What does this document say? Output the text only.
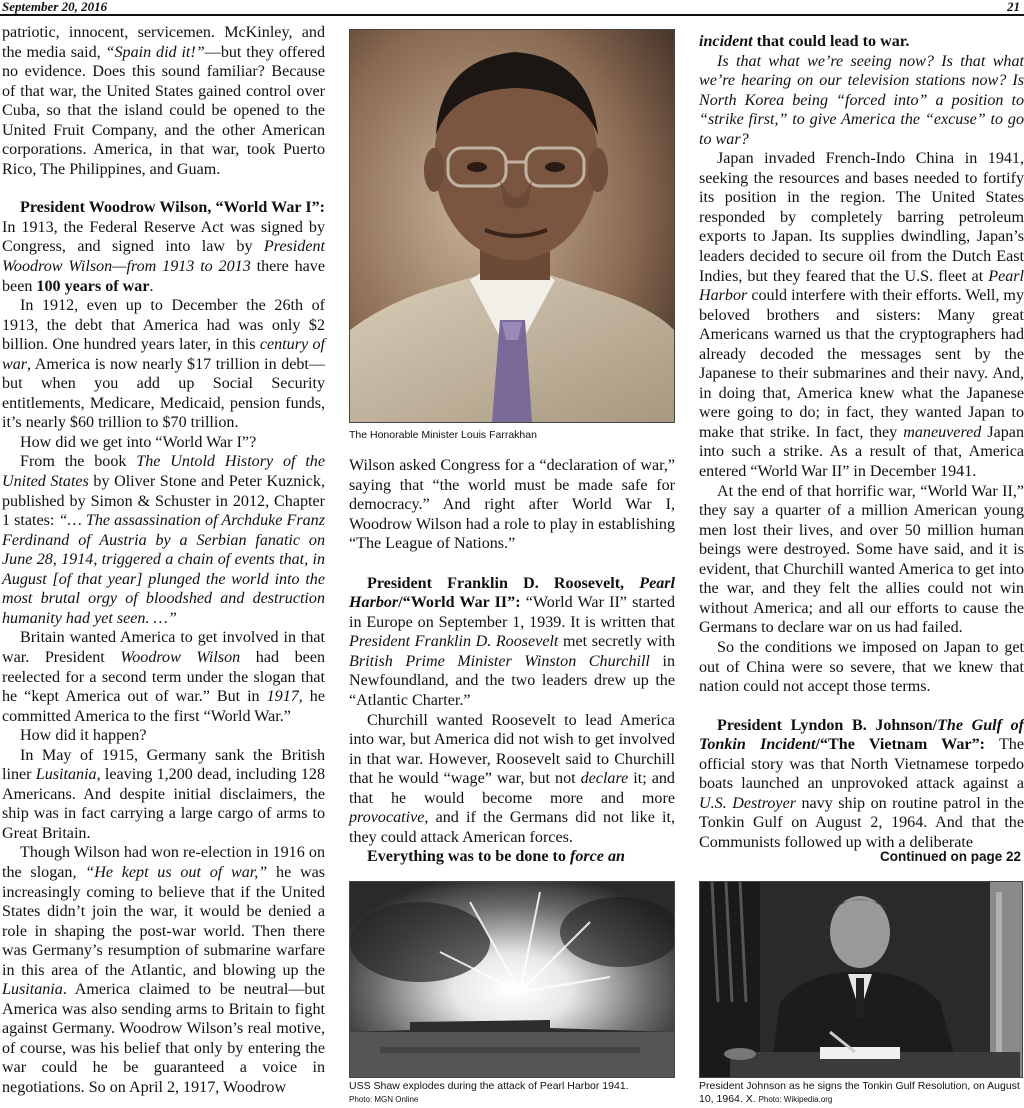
September 20, 2016	21

patriotic, innocent, servicemen. McKinley, and the media said, “Spain did it!”—but they offered no evidence. Does this sound familiar? Because of that war, the United States gained control over Cuba, so that the island could be opened to the United Fruit Company, and the other American corporations. America, in that war, took Puerto Rico, The Philippines, and Guam.

President Woodrow Wilson, “World War I”: In 1913, the Federal Reserve Act was signed by Congress, and signed into law by President Woodrow Wilson—from 1913 to 2013 there have been 100 years of war.

In 1912, even up to December the 26th of 1913, the debt that America had was only $2 billion. One hundred years later, in this century of war, America is now nearly $17 trillion in debt—but when you add up Social Security entitlements, Medicare, Medicaid, pension funds, it’s nearly $60 trillion to $70 trillion.

How did we get into “World War I”?

From the book The Untold History of the United States by Oliver Stone and Peter Kuznick, published by Simon & Schuster in 2012, Chapter 1 states: “… The assassination of Archduke Franz Ferdinand of Austria by a Serbian fanatic on June 28, 1914, triggered a chain of events that, in August [of that year] plunged the world into the most brutal orgy of bloodshed and destruction humanity had yet seen. …”

Britain wanted America to get involved in that war. President Woodrow Wilson had been reelected for a second term under the slogan that he “kept America out of war.” But in 1917, he committed America to the first “World War.”

How did it happen?

In May of 1915, Germany sank the British liner Lusitania, leaving 1,200 dead, including 128 Americans. And despite initial disclaimers, the ship was in fact carrying a large cargo of arms to Great Britain.

Though Wilson had won re-election in 1916 on the slogan, “He kept us out of war,” he was increasingly coming to believe that if the United States didn’t join the war, it would be denied a role in shaping the post-war world. Then there was Germany’s resumption of submarine warfare in this area of the Atlantic, and blowing up the Lusitania. America claimed to be neutral—but America was also sending arms to Britain to fight against Germany. Woodrow Wilson’s real motive, of course, was his belief that only by entering the war could he be guaranteed a voice in negotiations. So on April 2, 1917, Woodrow

The Honorable Minister Louis Farrakhan

Wilson asked Congress for a “declaration of war,” saying that “the world must be made safe for democracy.” And right after World War I, Woodrow Wilson had a role to play in establishing “The League of Nations.”

President Franklin D. Roosevelt, Pearl Harbor/“World War II”: “World War II” started in Europe on September 1, 1939. It is written that President Franklin D. Roosevelt met secretly with British Prime Minister Winston Churchill in Newfoundland, and the two leaders drew up the “Atlantic Charter.”

Churchill wanted Roosevelt to lead America into war, but America did not wish to get involved in that war. However, Roosevelt said to Churchill that he would “wage” war, but not declare it; and that he would become more and more provocative, and if the Germans did not like it, they could attack American forces.

Everything was to be done to force an

USS Shaw explodes during the attack of Pearl Harbor 1941.
Photo: MGN Online

incident that could lead to war.

Is that what we’re seeing now? Is that what we’re hearing on our television stations now? Is North Korea being “forced into” a position to “strike first,” to give America the “excuse” to go to war?

Japan invaded French-Indo China in 1941, seeking the resources and bases needed to fortify its position in the region. The United States responded by completely barring petroleum exports to Japan. Its supplies dwindling, Japan’s leaders decided to secure oil from the Dutch East Indies, but they feared that the U.S. fleet at Pearl Harbor could interfere with their efforts. Well, my beloved brothers and sisters: Many great Americans warned us that the cryptographers had already decoded the messages sent by the Japanese to their submarines and their navy. And, in doing that, America knew what the Japanese were going to do; in fact, they wanted Japan to make that strike. In fact, they maneuvered Japan into such a strike. As a result of that, America entered “World War II” in December 1941.

At the end of that horrific war, “World War II,” they say a quarter of a million American young men lost their lives, and over 50 million human beings were destroyed. Some have said, and it is evident, that Churchill wanted America to get into the war, and they felt the allies could not win without America; and all our efforts to cause the Germans to declare war on us had failed.

So the conditions we imposed on Japan to get out of China were so severe, that we knew that nation could not accept those terms.

President Lyndon B. Johnson/The Gulf of Tonkin Incident/“The Vietnam War”: The official story was that North Vietnamese torpedo boats launched an unprovoked attack against a U.S. Destroyer navy ship on routine patrol in the Tonkin Gulf on August 2, 1964. And that the Communists followed up with a deliberate

Continued on page 22
President Johnson as he signs the Tonkin Gulf Resolution, on August 10, 1964. X. Photo: Wikipedia.org
